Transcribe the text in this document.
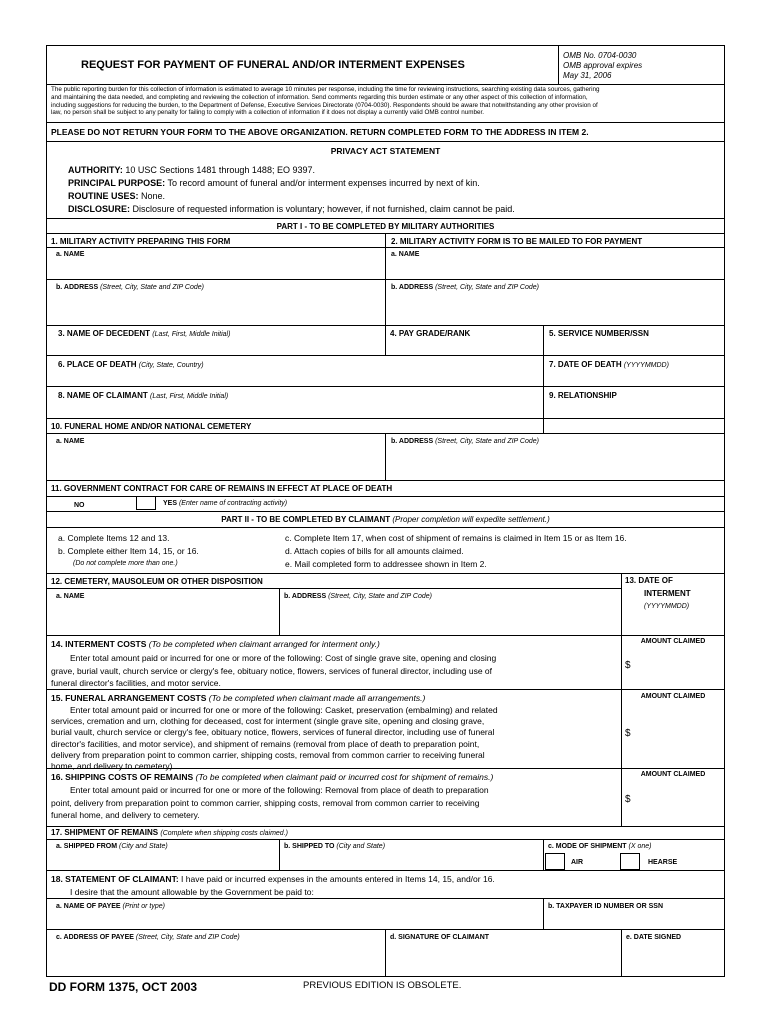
REQUEST FOR PAYMENT OF FUNERAL AND/OR INTERMENT EXPENSES
OMB No. 0704-0030
OMB approval expires
May 31, 2006
The public reporting burden for this collection of information is estimated to average 10 minutes per response, including the time for reviewing instructions, searching existing data sources, gathering
and maintaining the data needed, and completing and reviewing the collection of information. Send comments regarding this burden estimate or any other aspect of this collection of information,
including suggestions for reducing the burden, to the Department of Defense, Executive Services Directorate (0704-0030). Respondents should be aware that notwithstanding any other provision of
law, no person shall be subject to any penalty for failing to comply with a collection of information if it does not display a currently valid OMB control number.
PLEASE DO NOT RETURN YOUR FORM TO THE ABOVE ORGANIZATION. RETURN COMPLETED FORM TO THE ADDRESS IN ITEM 2.
PRIVACY ACT STATEMENT
AUTHORITY: 10 USC Sections 1481 through 1488; EO 9397.
PRINCIPAL PURPOSE: To record amount of funeral and/or interment expenses incurred by next of kin.
ROUTINE USES: None.
DISCLOSURE: Disclosure of requested information is voluntary; however, if not furnished, claim cannot be paid.
PART I - TO BE COMPLETED BY MILITARY AUTHORITIES
1. MILITARY ACTIVITY PREPARING THIS FORM	2. MILITARY ACTIVITY FORM IS TO BE MAILED TO FOR PAYMENT
a. NAME	a. NAME
b. ADDRESS (Street, City, State and ZIP Code)	b. ADDRESS (Street, City, State and ZIP Code)
3. NAME OF DECEDENT (Last, First, Middle Initial)	4. PAY GRADE/RANK	5. SERVICE NUMBER/SSN
6. PLACE OF DEATH (City, State, Country)	7. DATE OF DEATH (YYYYMMDD)
8. NAME OF CLAIMANT (Last, First, Middle Initial)	9. RELATIONSHIP
10. FUNERAL HOME AND/OR NATIONAL CEMETERY
a. NAME	b. ADDRESS (Street, City, State and ZIP Code)
11. GOVERNMENT CONTRACT FOR CARE OF REMAINS IN EFFECT AT PLACE OF DEATH
NO	YES (Enter name of contracting activity)
PART II - TO BE COMPLETED BY CLAIMANT (Proper completion will expedite settlement.)
a. Complete Items 12 and 13.
b. Complete either Item 14, 15, or 16.
(Do not complete more than one.)
c. Complete Item 17, when cost of shipment of remains is claimed in Item 15 or as Item 16.
d. Attach copies of bills for all amounts claimed.
e. Mail completed form to addressee shown in Item 2.
12. CEMETERY, MAUSOLEUM OR OTHER DISPOSITION	13. DATE OF
INTERMENT
(YYYYMMDD)
a. NAME	b. ADDRESS (Street, City, State and ZIP Code)
14. INTERMENT COSTS (To be completed when claimant arranged for interment only.)
Enter total amount paid or incurred for one or more of the following: Cost of single grave site, opening and closing
grave, burial vault, church service or clergy's fee, obituary notice, flowers, services of funeral director, including use of
funeral director's facilities, and motor service.
AMOUNT CLAIMED
$
15. FUNERAL ARRANGEMENT COSTS (To be completed when claimant made all arrangements.)
Enter total amount paid or incurred for one or more of the following: Casket, preservation (embalming) and related
services, cremation and urn, clothing for deceased, cost for interment (single grave site, opening and closing grave,
burial vault, church service or clergy's fee, obituary notice, flowers, services of funeral director, including use of funeral
director's facilities, and motor service), and shipment of remains (removal from place of death to preparation point,
delivery from preparation point to common carrier, shipping costs, removal from common carrier to receiving funeral
home, and delivery to cemetery).
AMOUNT CLAIMED
$
16. SHIPPING COSTS OF REMAINS (To be completed when claimant paid or incurred cost for shipment of remains.)
Enter total amount paid or incurred for one or more of the following: Removal from place of death to preparation
point, delivery from preparation point to common carrier, shipping costs, removal from common carrier to receiving
funeral home, and delivery to cemetery.
AMOUNT CLAIMED
$
17. SHIPMENT OF REMAINS (Complete when shipping costs claimed.)
a. SHIPPED FROM (City and State)	b. SHIPPED TO (City and State)	c. MODE OF SHIPMENT (X one)
AIR	HEARSE
18. STATEMENT OF CLAIMANT: I have paid or incurred expenses in the amounts entered in Items 14, 15, and/or 16.
I desire that the amount allowable by the Government be paid to:
a. NAME OF PAYEE (Print or type)	b. TAXPAYER ID NUMBER OR SSN
c. ADDRESS OF PAYEE (Street, City, State and ZIP Code)	d. SIGNATURE OF CLAIMANT	e. DATE SIGNED
DD FORM 1375, OCT 2003	PREVIOUS EDITION IS OBSOLETE.
